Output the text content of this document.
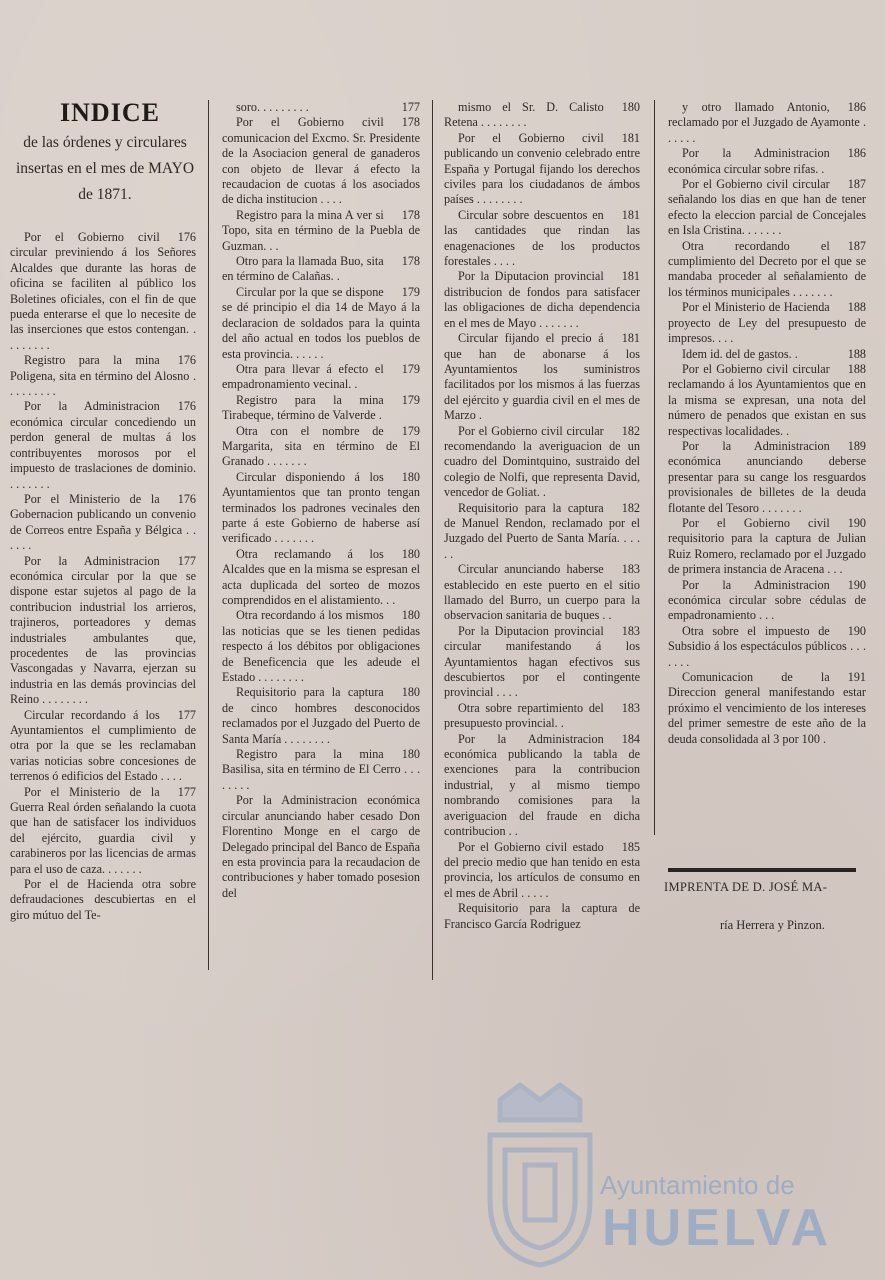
INDICE
de las órdenes y circulares insertas en el mes de MAYO de 1871.

176
Por el Gobierno civil circular previniendo á los Señores Alcaldes que durante las horas de oficina se faciliten al público los Boletines oficiales, con el fin de que pueda enterarse el que lo necesite de las inserciones que estos contengan. . . . . . . . .

176
Registro para la mina Poligena, sita en término del Alosno . . . . . . . . .

176
Por la Administracion económica circular concediendo un perdon general de multas á los contribuyentes morosos por el impuesto de traslaciones de dominio. . . . . . . .

176
Por el Ministerio de la Gobernacion publicando un convenio de Correos entre España y Bélgica . . . . . .

177
Por la Administracion económica circular por la que se dispone estar sujetos al pago de la contribucion industrial los arrieros, trajineros, porteadores y demas industriales ambulantes que, procedentes de las provincias Vascongadas y Navarra, ejerzan su industria en las demás provincias del Reino . . . . . . . .

177
Circular recordando á los Ayuntamientos el cumplimiento de otra por la que se les reclamaban varias noticias sobre concesiones de terrenos ó edificios del Estado . . . .

177
Por el Ministerio de la Guerra Real órden señalando la cuota que han de satisfacer los individuos del ejército, guardia civil y carabineros por las licencias de armas para el uso de caza. . . . . . .

Por el de Hacienda otra sobre defraudaciones descubiertas en el giro mútuo del Te-

177
soro. . . . . . . . .

178
Por el Gobierno civil comunicacion del Excmo. Sr. Presidente de la Asociacion general de ganaderos con objeto de llevar á efecto la recaudacion de cuotas á los asociados de dicha institucion . . . .

178
Registro para la mina A ver si Topo, sita en término de la Puebla de Guzman. . .

178
Otro para la llamada Buo, sita en término de Calañas. .

179
Circular por la que se dispone se dé principio el dia 14 de Mayo á la declaracion de soldados para la quinta del año actual en todos los pueblos de esta provincia. . . . . .

179
Otra para llevar á efecto el empadronamiento vecinal. .

179
Registro para la mina Tirabeque, término de Valverde .

179
Otra con el nombre de Margarita, sita en término de El Granado . . . . . . .

180
Circular disponiendo á los Ayuntamientos que tan pronto tengan terminados los padrones vecinales den parte á este Gobierno de haberse así verificado . . . . . . .

180
Otra reclamando á los Alcaldes que en la misma se espresan el acta duplicada del sorteo de mozos comprendidos en el alistamiento. . .

180
Otra recordando á los mismos las noticias que se les tienen pedidas respecto á los débitos por obligaciones de Beneficencia que les adeude el Estado . . . . . . . .

180
Requisitorio para la captura de cinco hombres desconocidos reclamados por el Juzgado del Puerto de Santa María . . . . . . . .

180
Registro para la mina Basilisa, sita en término de El Cerro . . . . . . . .

Por la Administracion económica circular anunciando haber cesado Don Florentino Monge en el cargo de Delegado principal del Banco de España en esta provincia para la recaudacion de contribuciones y haber tomado posesion del

180
mismo el Sr. D. Calisto Retena . . . . . . . .

181
Por el Gobierno civil publicando un convenio celebrado entre España y Portugal fijando los derechos civiles para los ciudadanos de ámbos países . . . . . . . .

181
Circular sobre descuentos en las cantidades que rindan las enagenaciones de los productos forestales . . . .

181
Por la Diputacion provincial distribucion de fondos para satisfacer las obligaciones de dicha dependencia en el mes de Mayo . . . . . . .

181
Circular fijando el precio á que han de abonarse á los Ayuntamientos los suministros facilitados por los mismos á las fuerzas del ejército y guardia civil en el mes de Marzo .

182
Por el Gobierno civil circular recomendando la averiguacion de un cuadro del Domintquino, sustraido del colegio de Nolfi, que representa David, vencedor de Goliat. .

182
Requisitorio para la captura de Manuel Rendon, reclamado por el Juzgado del Puerto de Santa María. . . . . .

183
Circular anunciando haberse establecido en este puerto en el sitio llamado del Burro, un cuerpo para la observacion sanitaria de buques . .

183
Por la Diputacion provincial circular manifestando á los Ayuntamientos hagan efectivos sus descubiertos por el contingente provincial . . . .

183
Otra sobre repartimiento del presupuesto provincial. .

184
Por la Administracion económica publicando la tabla de exenciones para la contribucion industrial, y al mismo tiempo nombrando comisiones para la averiguacion del fraude en dicha contribucion . .

185
Por el Gobierno civil estado del precio medio que han tenido en esta provincia, los artículos de consumo en el mes de Abril . . . . .

Requisitorio para la captura de Francisco García Rodriguez

186
y otro llamado Antonio, reclamado por el Juzgado de Ayamonte . . . . . .

186
Por la Administracion económica circular sobre rifas. .

187
Por el Gobierno civil circular señalando los dias en que han de tener efecto la eleccion parcial de Concejales en Isla Cristina. . . . . . .

187
Otra recordando el cumplimiento del Decreto por el que se mandaba proceder al señalamiento de los términos municipales . . . . . . .

188
Por el Ministerio de Hacienda proyecto de Ley del presupuesto de impresos. . . .

188
Idem id. del de gastos. .

188
Por el Gobierno civil circular reclamando á los Ayuntamientos que en la misma se expresan, una nota del número de penados que existan en sus respectivas localidades. .

189
Por la Administracion económica anunciando deberse presentar para su cange los resguardos provisionales de billetes de la deuda flotante del Tesoro . . . . . . .

190
Por el Gobierno civil requisitorio para la captura de Julian Ruiz Romero, reclamado por el Juzgado de primera instancia de Aracena . . .

190
Por la Administracion económica circular sobre cédulas de empadronamiento . . .

190
Otra sobre el impuesto de Subsidio á los espectáculos públicos . . . . . . .

191
Comunicacion de la Direccion general manifestando estar próximo el vencimiento de los intereses del primer semestre de este año de la deuda consolidada al 3 por 100 .

IMPRENTA DE D. JOSÉ MA-
ría Herrera y Pinzon.
Ayuntamiento de
HUELVA
